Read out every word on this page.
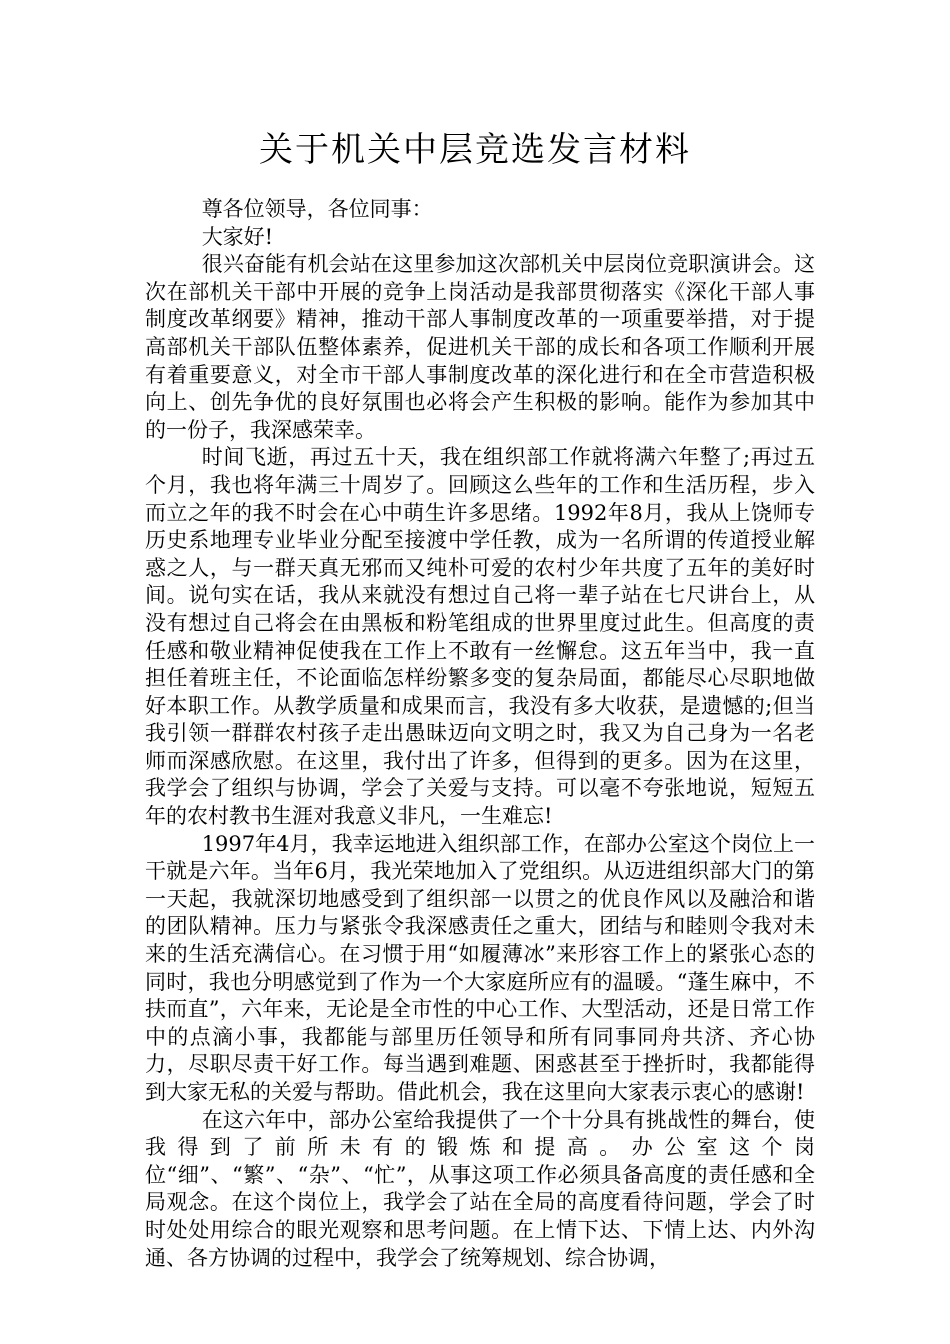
关于机关中层竞选发言材料

尊各位领导，各位同事：

大家好!

很兴奋能有机会站在这里参加这次部机关中层岗位竞职演讲会。这次在部机关干部中开展的竞争上岗活动是我部贯彻落实《深化干部人事制度改革纲要》精神，推动干部人事制度改革的一项重要举措，对于提高部机关干部队伍整体素养，促进机关干部的成长和各项工作顺利开展有着重要意义，对全市干部人事制度改革的深化进行和在全市营造积极向上、创先争优的良好氛围也必将会产生积极的影响。能作为参加其中的一份子，我深感荣幸。

时间飞逝，再过五十天，我在组织部工作就将满六年整了;再过五个月，我也将年满三十周岁了。回顾这么些年的工作和生活历程，步入而立之年的我不时会在心中萌生许多思绪。1992年8月，我从上饶师专历史系地理专业毕业分配至接渡中学任教，成为一名所谓的传道授业解惑之人，与一群天真无邪而又纯朴可爱的农村少年共度了五年的美好时间。说句实在话，我从来就没有想过自己将一辈子站在七尺讲台上，从没有想过自己将会在由黑板和粉笔组成的世界里度过此生。但高度的责任感和敬业精神促使我在工作上不敢有一丝懈怠。这五年当中，我一直担任着班主任，不论面临怎样纷繁多变的复杂局面，都能尽心尽职地做好本职工作。从教学质量和成果而言，我没有多大收获，是遗憾的;但当我引领一群群农村孩子走出愚昧迈向文明之时，我又为自己身为一名老师而深感欣慰。在这里，我付出了许多，但得到的更多。因为在这里，我学会了组织与协调，学会了关爱与支持。可以毫不夸张地说，短短五年的农村教书生涯对我意义非凡，一生难忘!

1997年4月，我幸运地进入组织部工作，在部办公室这个岗位上一干就是六年。当年6月，我光荣地加入了党组织。从迈进组织部大门的第一天起，我就深切地感受到了组织部一以贯之的优良作风以及融洽和谐的团队精神。压力与紧张令我深感责任之重大，团结与和睦则令我对未来的生活充满信心。在习惯于用“如履薄冰”来形容工作上的紧张心态的同时，我也分明感觉到了作为一个大家庭所应有的温暖。“蓬生麻中，不扶而直”，六年来，无论是全市性的中心工作、大型活动，还是日常工作中的点滴小事，我都能与部里历任领导和所有同事同舟共济、齐心协力，尽职尽责干好工作。每当遇到难题、困惑甚至于挫折时，我都能得到大家无私的关爱与帮助。借此机会，我在这里向大家表示衷心的感谢!

在这六年中，部办公室给我提供了一个十分具有挑战性的舞台，使我得到了前所未有的锻炼和提高。办公室这个岗位“细”、“繁”、“杂”、“忙”，从事这项工作必须具备高度的责任感和全局观念。在这个岗位上，我学会了站在全局的高度看待问题，学会了时时处处用综合的眼光观察和思考问题。在上情下达、下情上达、内外沟通、各方协调的过程中，我学会了统筹规划、综合协调，
